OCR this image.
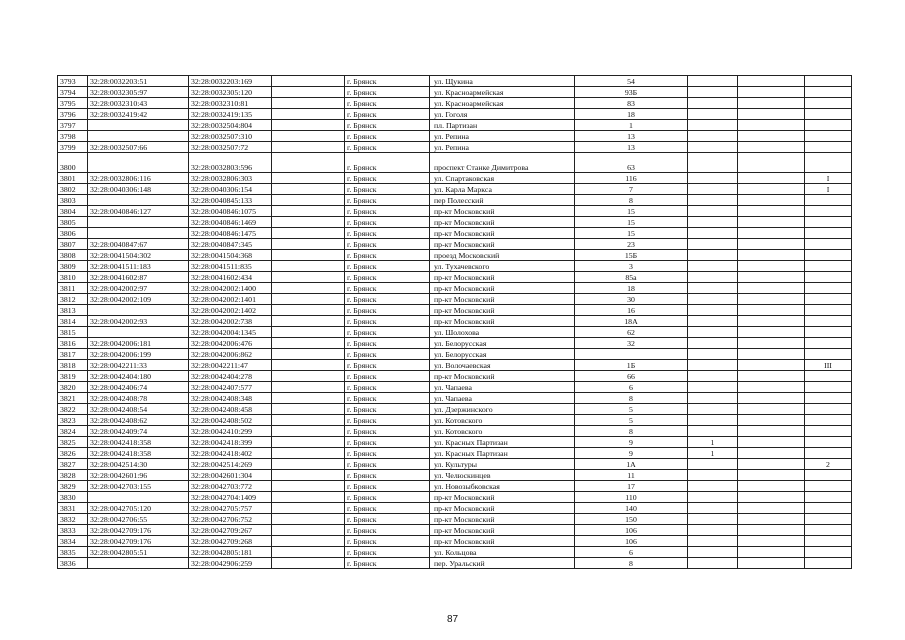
3793	32:28:0032203:51	32:28:0032203:169		г. Брянск	ул. Щукина	54			
3794	32:28:0032305:97	32:28:0032305:120		г. Брянск	ул. Красноармейская	93Б			
3795	32:28:0032310:43	32:28:0032310:81		г. Брянск	ул. Красноармейская	83			
3796	32:28:0032419:42	32:28:0032419:135		г. Брянск	ул. Гоголя	18			
3797		32:28:0032504:804		г. Брянск	пл. Партизан	1			
3798		32:28:0032507:310		г. Брянск	ул. Репина	13			
3799	32:28:0032507:66	32:28:0032507:72		г. Брянск	ул. Репина	13			
3800		32:28:0032803:596		г. Брянск	проспект Станке Димитрова	63			
3801	32:28:0032806:116	32:28:0032806:303		г. Брянск	ул. Спартаковская	116			I
3802	32:28:0040306:148	32:28:0040306:154		г. Брянск	ул. Карла Маркса	7			I
3803		32:28:0040845:133		г. Брянск	пер Полесский	8			
3804	32:28:0040846:127	32:28:0040846:1075		г. Брянск	пр-кт Московский	15			
3805		32:28:0040846:1469		г. Брянск	пр-кт Московский	15			
3806		32:28:0040846:1475		г. Брянск	пр-кт Московский	15			
3807	32:28:0040847:67	32:28:0040847:345		г. Брянск	пр-кт Московский	23			
3808	32:28:0041504:302	32:28:0041504:368		г. Брянск	проезд Московский	15Б			
3809	32:28:0041511:183	32:28:0041511:835		г. Брянск	ул. Тухачевского	3			
3810	32:28:0041602:87	32:28:0041602:434		г. Брянск	пр-кт Московский	85а			
3811	32:28:0042002:97	32:28:0042002:1400		г. Брянск	пр-кт Московский	18			
3812	32:28:0042002:109	32:28:0042002:1401		г. Брянск	пр-кт Московский	30			
3813		32:28:0042002:1402		г. Брянск	пр-кт Московский	16			
3814	32:28:0042002:93	32:28:0042002:738		г. Брянск	пр-кт Московский	18А			
3815		32:28:0042004:1345		г. Брянск	ул. Шолохова	62			
3816	32:28:0042006:181	32:28:0042006:476		г. Брянск	ул. Белорусская	32			
3817	32:28:0042006:199	32:28:0042006:862		г. Брянск	ул. Белорусская				
3818	32:28:0042211:33	32:28:0042211:47		г. Брянск	ул. Волочаевская	1Б			III
3819	32:28:0042404:180	32:28:0042404:278		г. Брянск	пр-кт Московский	66			
3820	32:28:0042406:74	32:28:0042407:577		г. Брянск	ул. Чапаева	6			
3821	32:28:0042408:78	32:28:0042408:348		г. Брянск	ул. Чапаева	8			
3822	32:28:0042408:54	32:28:0042408:458		г. Брянск	ул. Дзержинского	5			
3823	32:28:0042408:62	32:28:0042408:502		г. Брянск	ул. Котовского	5			
3824	32:28:0042409:74	32:28:0042410:299		г. Брянск	ул. Котовского	8			
3825	32:28:0042418:358	32:28:0042418:399		г. Брянск	ул. Красных Партизан	9	1		
3826	32:28:0042418:358	32:28:0042418:402		г. Брянск	ул. Красных Партизан	9	1		
3827	32:28:0042514:30	32:28:0042514:269		г. Брянск	ул. Культуры	1А			2
3828	32:28:0042601:96	32:28:0042601:304		г. Брянск	ул. Челюскинцев	11			
3829	32:28:0042703:155	32:28:0042703:772		г. Брянск	ул. Новозыбковская	17			
3830		32:28:0042704:1409		г. Брянск	пр-кт Московский	110			
3831	32:28:0042705:120	32:28:0042705:757		г. Брянск	пр-кт Московский	140			
3832	32:28:0042706:55	32:28:0042706:752		г. Брянск	пр-кт Московский	150			
3833	32:28:0042709:176	32:28:0042709:267		г. Брянск	пр-кт Московский	106			
3834	32:28:0042709:176	32:28:0042709:268		г. Брянск	пр-кт Московский	106			
3835	32:28:0042805:51	32:28:0042805:181		г. Брянск	ул. Кольцова	6			
3836		32:28:0042906:259		г. Брянск	пер. Уральский	8			
87
